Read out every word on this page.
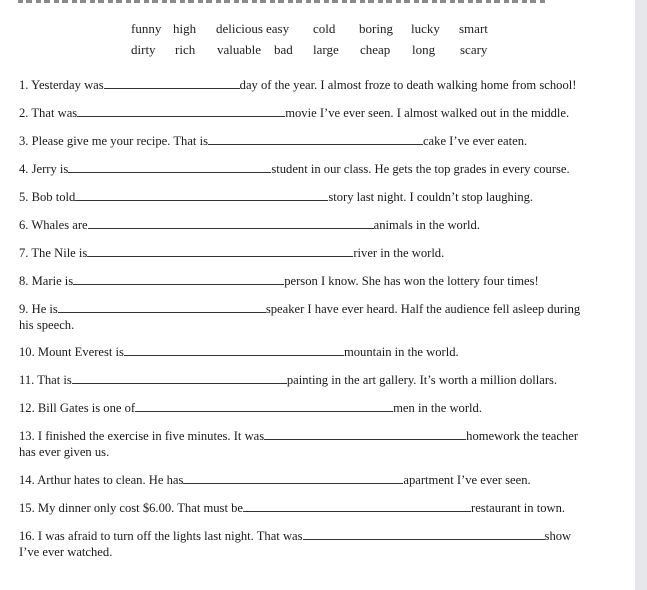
funny high delicious easy cold boring lucky smart
dirty rich valuable bad large cheap long scary
1. Yesterday was	day of the year. I almost froze to death walking home from school!
2. That was	movie I’ve ever seen. I almost walked out in the middle.
3. Please give me your recipe. That is	cake I’ve ever eaten.
4. Jerry is	student in our class. He gets the top grades in every course.
5. Bob told	story last night. I couldn’t stop laughing.
6. Whales are	animals in the world.
7. The Nile is	river in the world.
8. Marie is	person I know. She has won the lottery four times!
9. He is	speaker I have ever heard. Half the audience fell asleep during
his speech.
10. Mount Everest is	mountain in the world.
11. That is	painting in the art gallery. It’s worth a million dollars.
12. Bill Gates is one of	men in the world.
13. I finished the exercise in five minutes. It was	homework the teacher
has ever given us.
14. Arthur hates to clean. He has	apartment I’ve ever seen.
15. My dinner only cost $6.00. That must be	restaurant in town.
16. I was afraid to turn off the lights last night. That was	show
I’ve ever watched.
